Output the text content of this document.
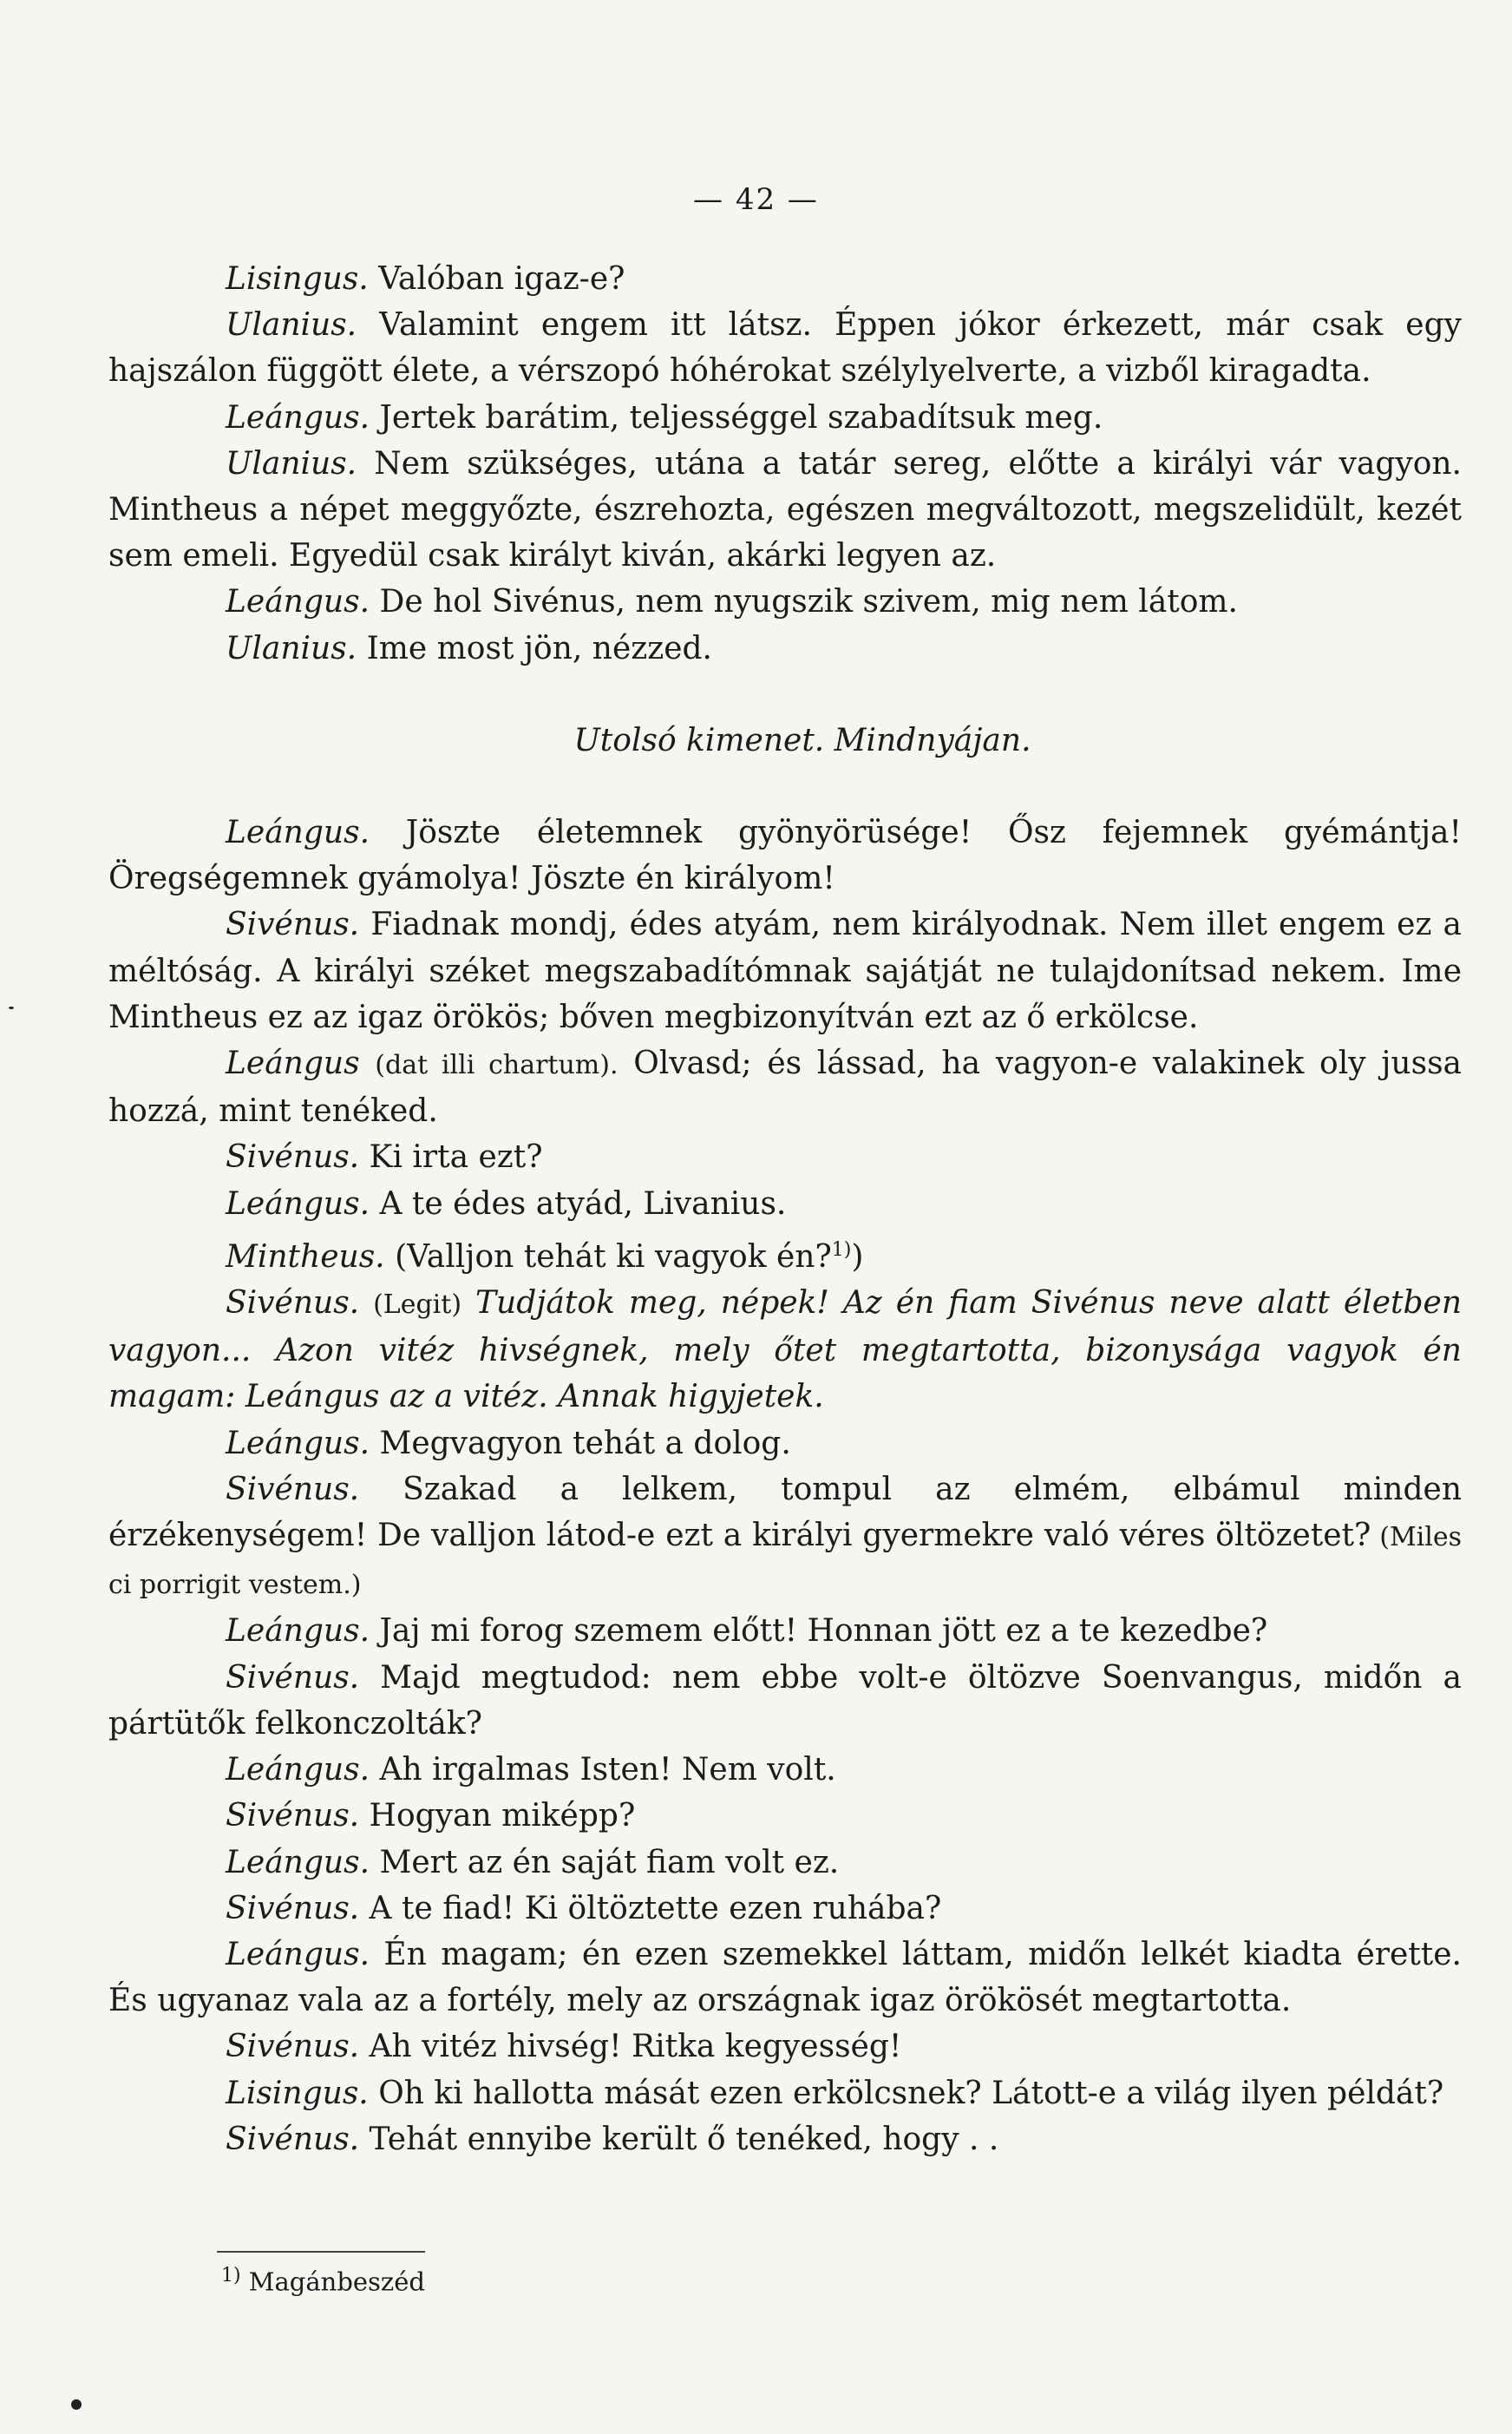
— 42 —

Lisingus. Valóban igaz-e?

Ulanius. Valamint engem itt látsz. Éppen jókor érkezett, már csak egy hajszálon függött élete, a vérszopó hóhérokat szélylyelverte, a vizből kiragadta.

Leángus. Jertek barátim, teljességgel szabadítsuk meg.

Ulanius. Nem szükséges, utána a tatár sereg, előtte a királyi vár vagyon. Mintheus a népet meggyőzte, észrehozta, egészen megváltozott, megszelidült, kezét sem emeli. Egyedül csak királyt kiván, akárki legyen az.

Leángus. De hol Sivénus, nem nyugszik szivem, mig nem látom.

Ulanius. Ime most jön, nézzed.

Utolsó kimenet. Mindnyájan.

Leángus. Jöszte életemnek gyönyörüsége! Ősz fejemnek gyémántja! Öregségemnek gyámolya! Jöszte én királyom!

Sivénus. Fiadnak mondj, édes atyám, nem királyodnak. Nem illet engem ez a méltóság. A királyi széket megszabadítómnak sajátját ne tulajdonítsad nekem. Ime Mintheus ez az igaz örökös; bőven megbizonyítván ezt az ő erkölcse.

Leángus (dat illi chartum). Olvasd; és lássad, ha vagyon-e valakinek oly jussa hozzá, mint tenéked.

Sivénus. Ki irta ezt?

Leángus. A te édes atyád, Livanius.

Mintheus. (Valljon tehát ki vagyok én?$^{1)}$)

Sivénus. (Legit) Tudjátok meg, népek! Az én fiam Sivénus neve alatt életben vagyon... Azon vitéz hivségnek, mely őtet megtartotta, bizonysága vagyok én magam: Leángus az a vitéz. Annak higyjetek.

Leángus. Megvagyon tehát a dolog.

Sivénus. Szakad a lelkem, tompul az elmém, elbámul minden érzékenységem! De valljon látod-e ezt a királyi gyermekre való véres öltözetet? (Miles ci porrigit vestem.)

Leángus. Jaj mi forog szemem előtt! Honnan jött ez a te kezedbe?

Sivénus. Majd megtudod: nem ebbe volt-e öltözve Soenvangus, midőn a pártütők felkonczolták?

Leángus. Ah irgalmas Isten! Nem volt.

Sivénus. Hogyan miképp?

Leángus. Mert az én saját fiam volt ez.

Sivénus. A te fiad! Ki öltöztette ezen ruhába?

Leángus. Én magam; én ezen szemekkel láttam, midőn lelkét kiadta érette. És ugyanaz vala az a fortély, mely az országnak igaz örökösét megtartotta.

Sivénus. Ah vitéz hivség! Ritka kegyesség!

Lisingus. Oh ki hallotta mását ezen erkölcsnek? Látott-e a világ ilyen példát?

Sivénus. Tehát ennyibe került ő tenéked, hogy . .

$^{1)}$ Magánbeszéd
